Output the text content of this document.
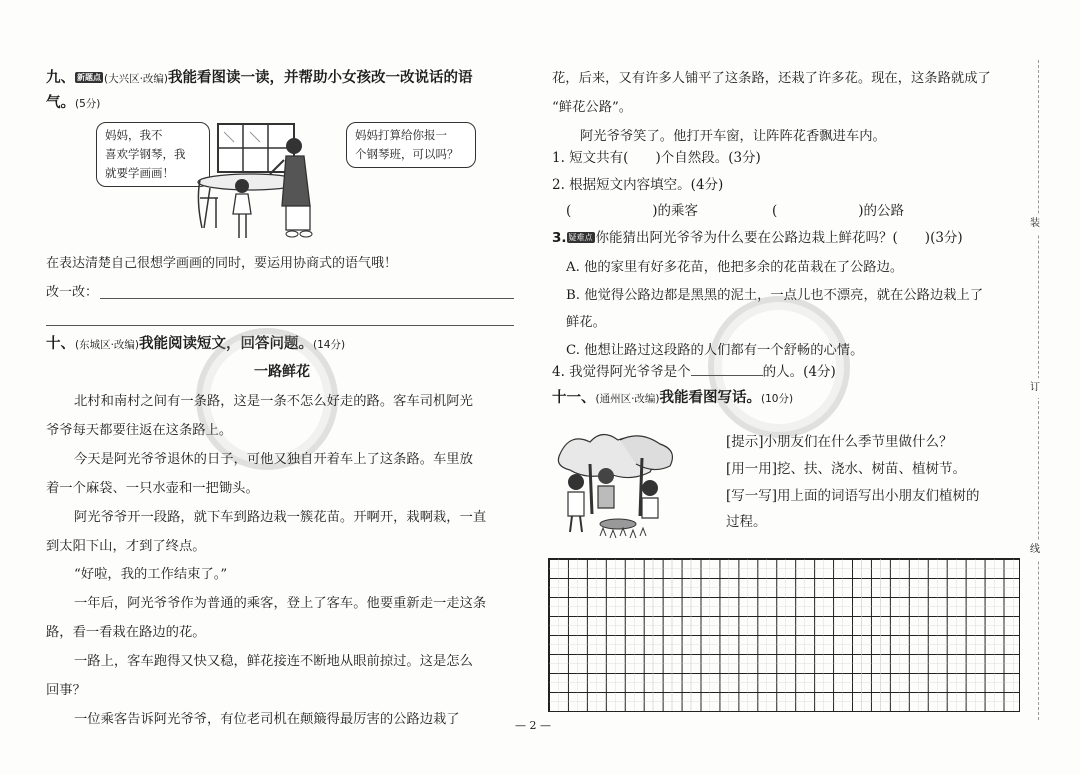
九、 新题点 (大兴区·改编)我能看图读一读，并帮助小女孩改一改说话的语
气。(5分)
妈妈，我不
喜欢学钢琴，我
就要学画画！
妈妈打算给你报一
个钢琴班，可以吗？
在表达清楚自己很想学画画的同时，要运用协商式的语气哦！
改一改：
十、(东城区·改编)我能阅读短文，回答问题。(14分)
一路鲜花
北村和南村之间有一条路，这是一条不怎么好走的路。客车司机阿光
爷爷每天都要往返在这条路上。
今天是阿光爷爷退休的日子，可他又独自开着车上了这条路。车里放
着一个麻袋、一只水壶和一把锄头。
阿光爷爷开一段路，就下车到路边栽一簇花苗。开啊开，栽啊栽，一直
到太阳下山，才到了终点。
“好啦，我的工作结束了。”
一年后，阿光爷爷作为普通的乘客，登上了客车。他要重新走一走这条
路，看一看栽在路边的花。
一路上，客车跑得又快又稳，鲜花接连不断地从眼前掠过。这是怎么
回事？
一位乘客告诉阿光爷爷，有位老司机在颠簸得最厉害的公路边栽了
花，后来，又有许多人铺平了这条路，还栽了许多花。现在，这条路就成了
“鲜花公路”。
阿光爷爷笑了。他打开车窗，让阵阵花香飘进车内。
1. 短文共有(　　)个自然段。(3分)
2. 根据短文内容填空。(4分)
(　　　　　　)的乘客	(　　　　　　)的公路
3. 疑难点 你能猜出阿光爷爷为什么要在公路边栽上鲜花吗？(　　)(3分)
A. 他的家里有好多花苗，他把多余的花苗栽在了公路边。
B. 他觉得公路边都是黑黑的泥土，一点儿也不漂亮，就在公路边栽上了
鲜花。
C. 他想让路过这段路的人们都有一个舒畅的心情。
4. 我觉得阿光爷爷是个	的人。(4分)
十一、(通州区·改编)我能看图写话。(10分)
[提示]小朋友们在什么季节里做什么？
[用一用]挖、扶、浇水、树苗、植树节。
[写一写]用上面的词语写出小朋友们植树的
过程。
— 2 —
装
订
线
